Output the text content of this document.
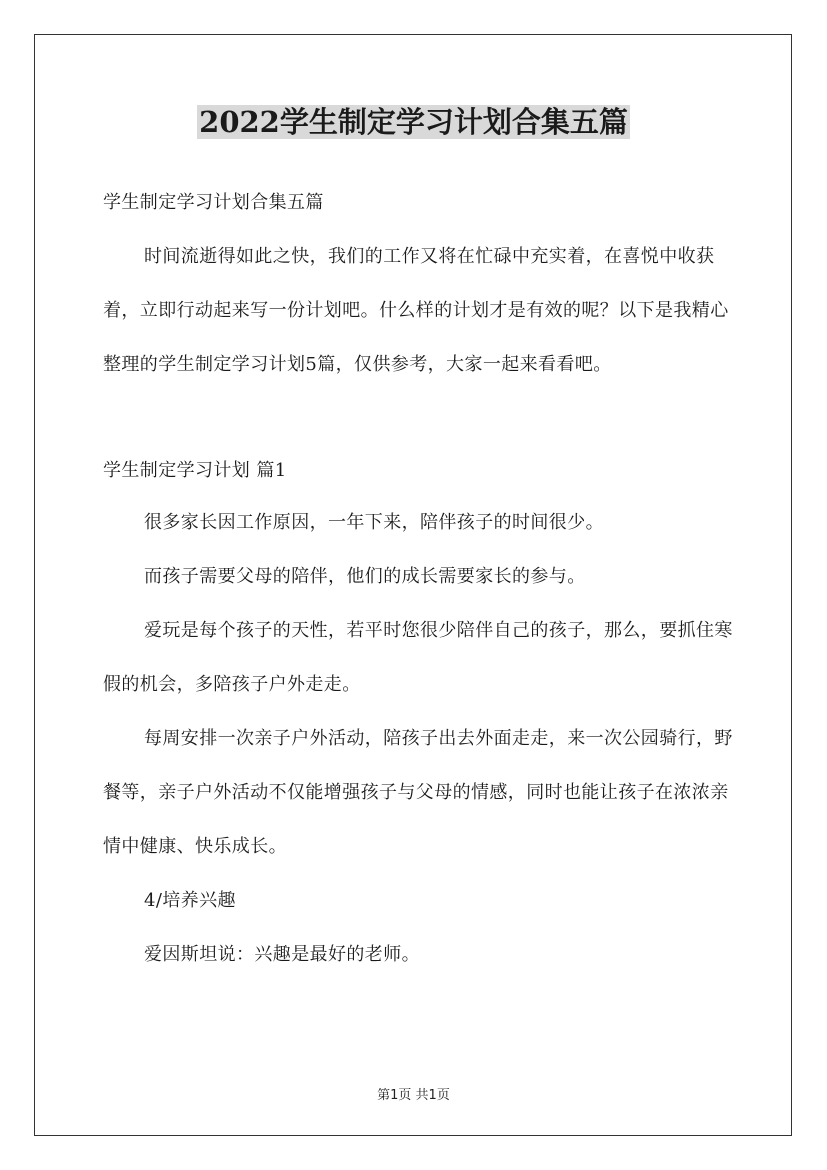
2022学生制定学习计划合集五篇

学生制定学习计划合集五篇

时间流逝得如此之快，我们的工作又将在忙碌中充实着，在喜悦中收获着，立即行动起来写一份计划吧。什么样的计划才是有效的呢？以下是我精心整理的学生制定学习计划5篇，仅供参考，大家一起来看看吧。

学生制定学习计划 篇1

很多家长因工作原因，一年下来，陪伴孩子的时间很少。

而孩子需要父母的陪伴，他们的成长需要家长的参与。

爱玩是每个孩子的天性，若平时您很少陪伴自己的孩子，那么，要抓住寒假的机会，多陪孩子户外走走。

每周安排一次亲子户外活动，陪孩子出去外面走走，来一次公园骑行，野餐等，亲子户外活动不仅能增强孩子与父母的情感，同时也能让孩子在浓浓亲情中健康、快乐成长。

4/培养兴趣

爱因斯坦说：兴趣是最好的老师。

第1页 共1页
